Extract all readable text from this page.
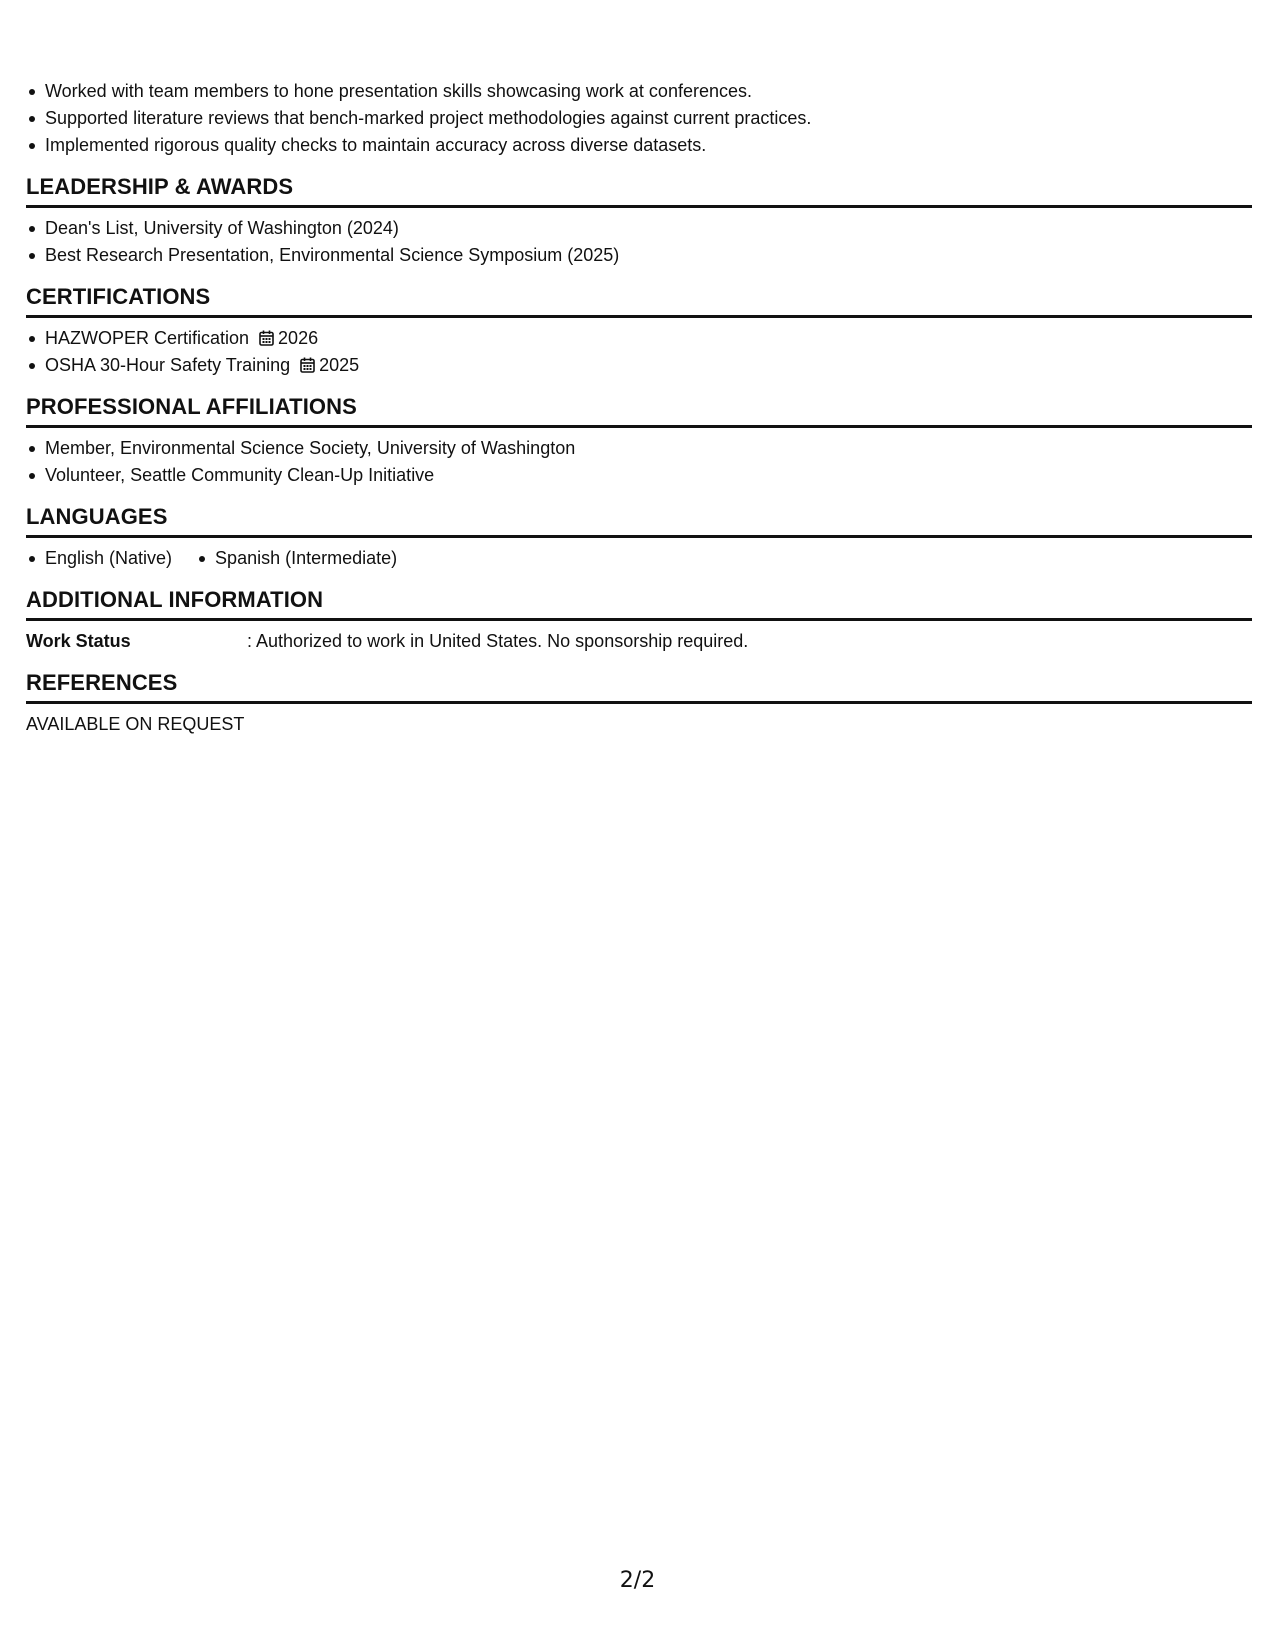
Worked with team members to hone presentation skills showcasing work at conferences.
Supported literature reviews that bench-marked project methodologies against current practices.
Implemented rigorous quality checks to maintain accuracy across diverse datasets.
LEADERSHIP & AWARDS
Dean's List, University of Washington (2024)
Best Research Presentation, Environmental Science Symposium (2025)
CERTIFICATIONS
HAZWOPER Certification 2026
OSHA 30-Hour Safety Training 2025
PROFESSIONAL AFFILIATIONS
Member, Environmental Science Society, University of Washington
Volunteer, Seattle Community Clean-Up Initiative
LANGUAGES
English (Native)	Spanish (Intermediate)
ADDITIONAL INFORMATION
Work Status	: Authorized to work in United States. No sponsorship required.
REFERENCES
AVAILABLE ON REQUEST
2/2
